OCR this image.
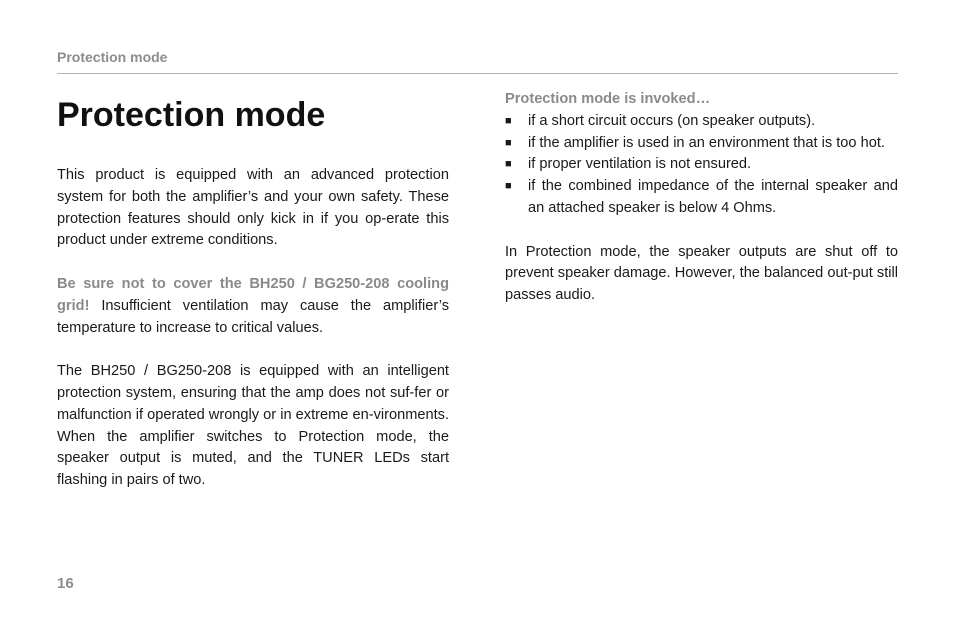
Protection mode
Protection mode

This product is equipped with an advanced protection system for both the amplifier’s and your own safety. These protection features should only kick in if you op-erate this product under extreme conditions.

Be sure not to cover the BH250 / BG250-208 cooling grid! Insufficient ventilation may cause the amplifier’s temperature to increase to critical values.

The BH250 / BG250-208 is equipped with an intelligent protection system, ensuring that the amp does not suf-fer or malfunction if operated wrongly or in extreme en-vironments. When the amplifier switches to Protection mode, the speaker output is muted, and the TUNER LEDs start flashing in pairs of two.

Protection mode is invoked…

■ if a short circuit occurs (on speaker outputs).
■ if the amplifier is used in an environment that is too hot.
■ if proper ventilation is not ensured.
■ if the combined impedance of the internal speaker and an attached speaker is below 4 Ohms.

In Protection mode, the speaker outputs are shut off to prevent speaker damage. However, the balanced out-put still passes audio.

16
